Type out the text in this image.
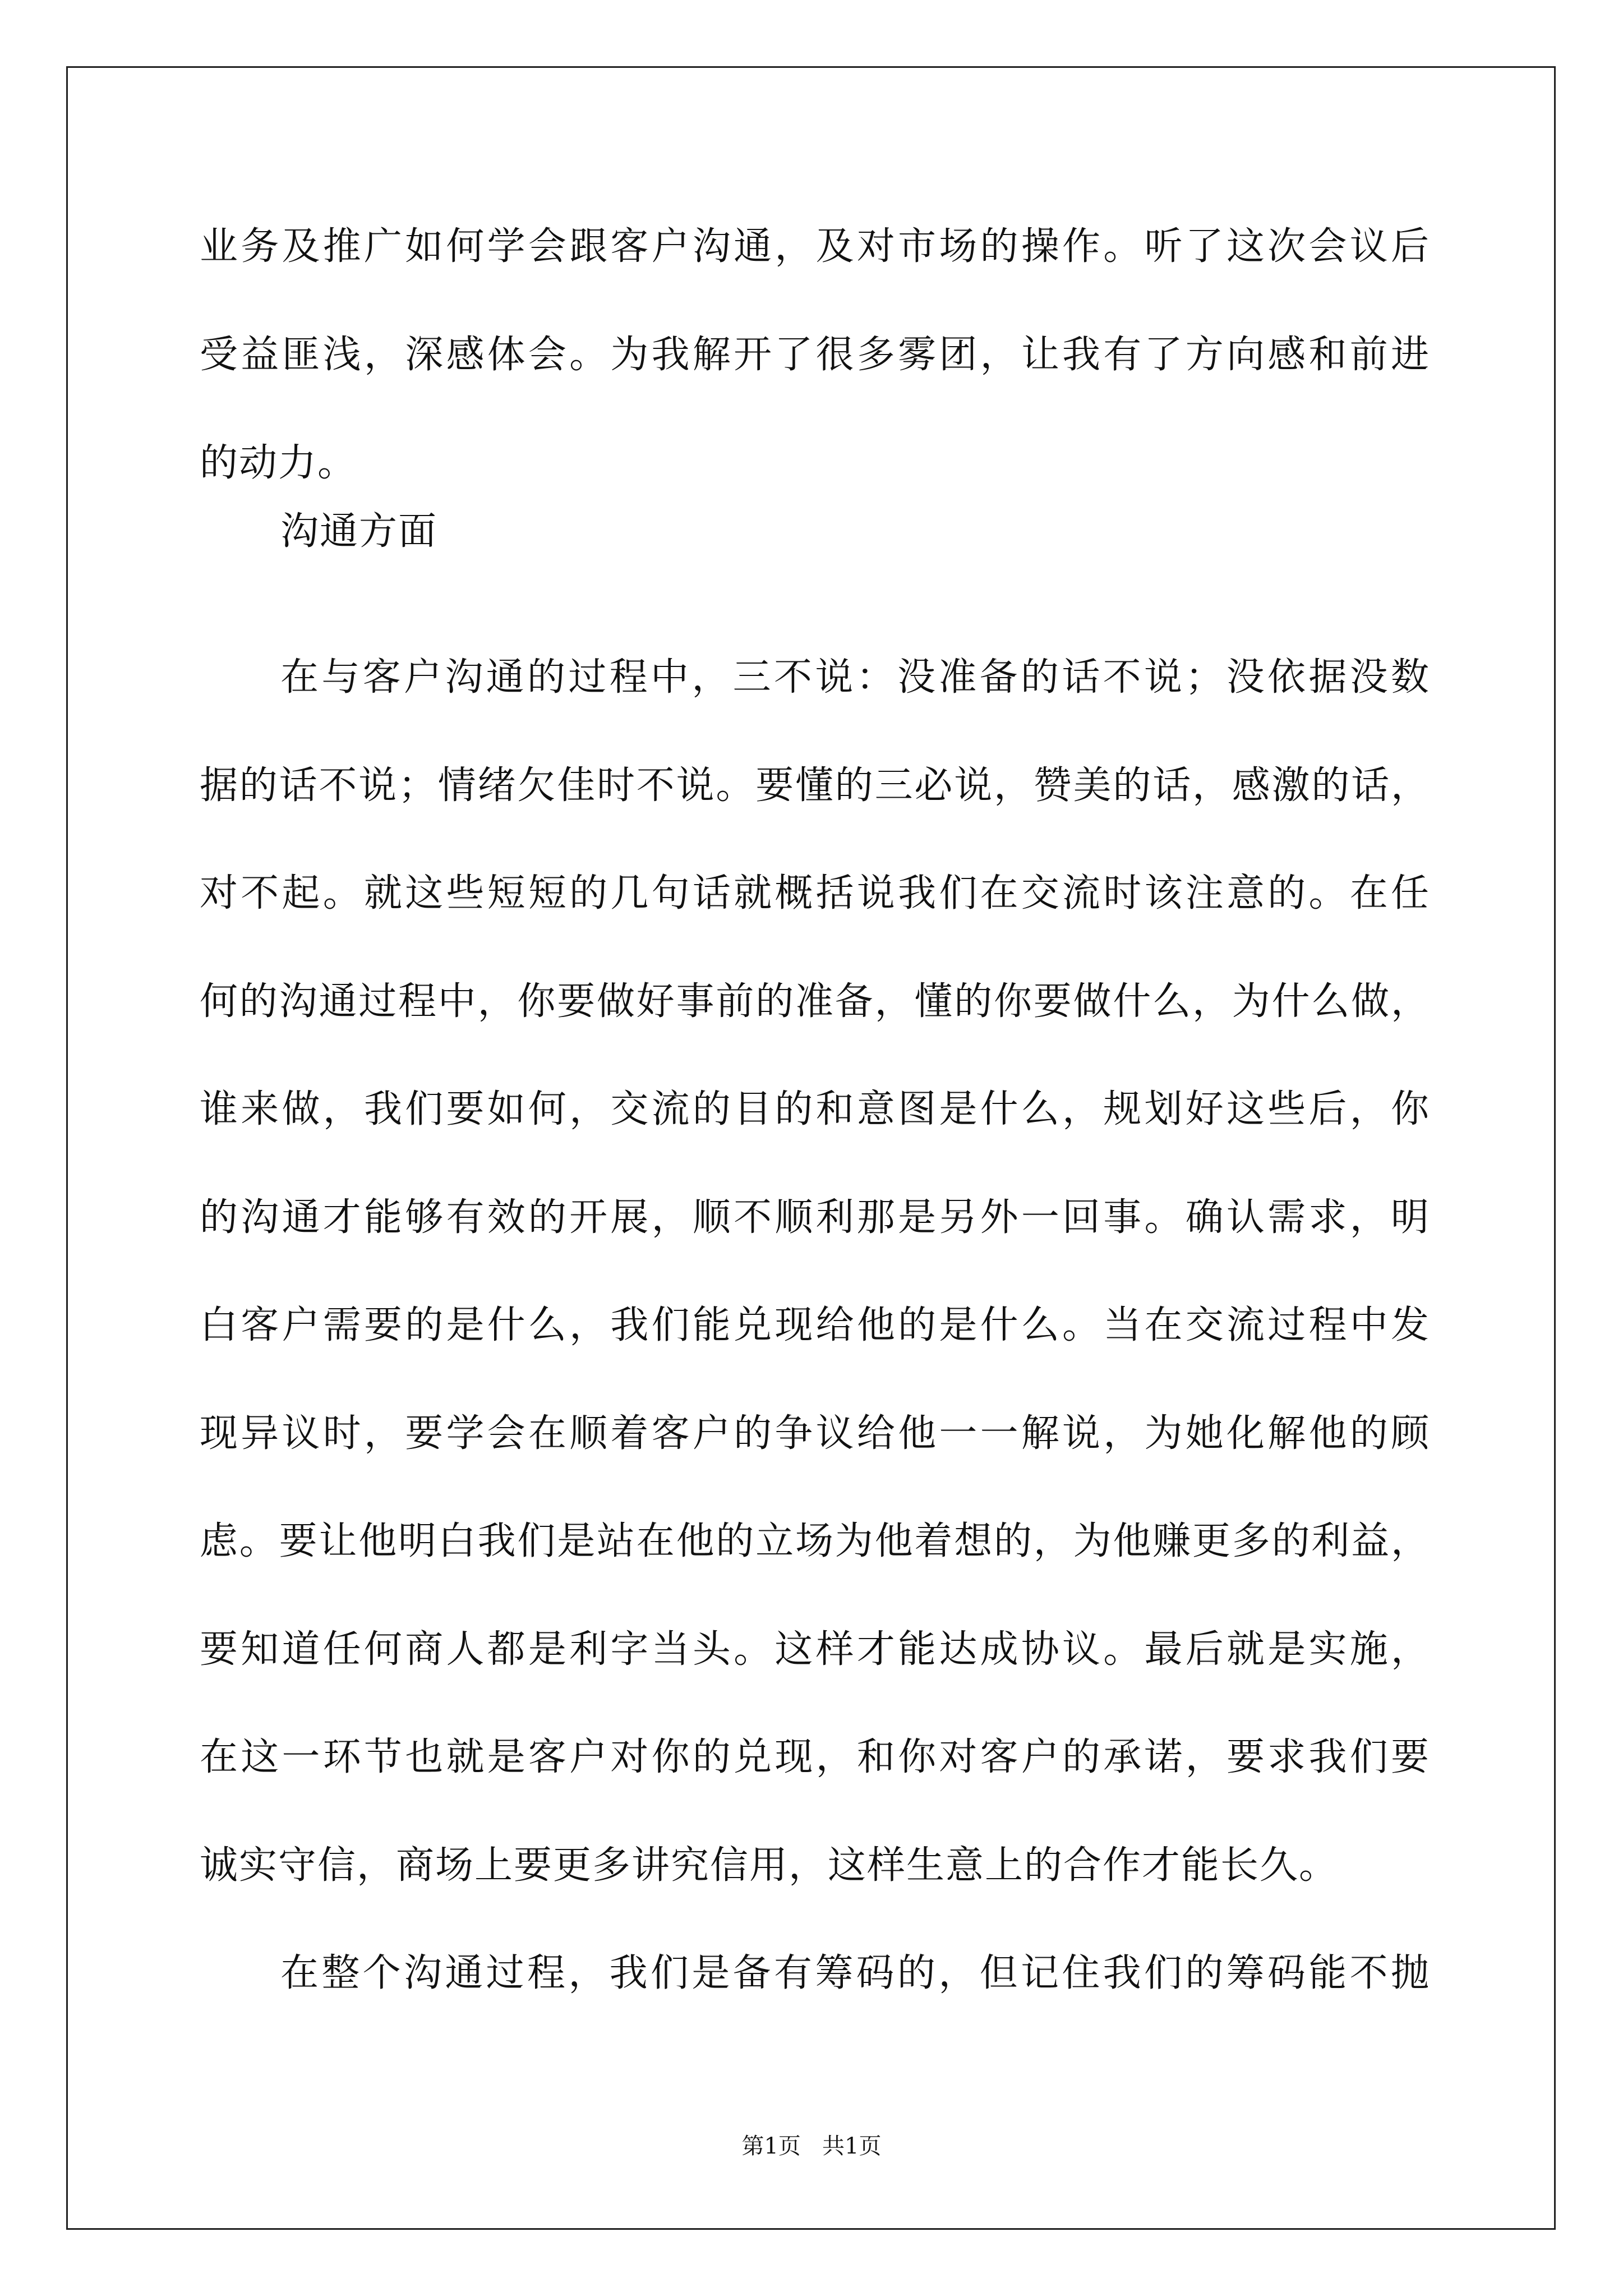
业务及推广如何学会跟客户沟通，及对市场的操作。听了这次会议后
受益匪浅，深感体会。为我解开了很多雾团，让我有了方向感和前进
的动力。
沟通方面
在与客户沟通的过程中，三不说：没准备的话不说；没依据没数
据的话不说；情绪欠佳时不说。要懂的三必说，赞美的话，感激的话，
对不起。就这些短短的几句话就概括说我们在交流时该注意的。在任
何的沟通过程中，你要做好事前的准备，懂的你要做什么，为什么做，
谁来做，我们要如何，交流的目的和意图是什么，规划好这些后，你
的沟通才能够有效的开展，顺不顺利那是另外一回事。确认需求，明
白客户需要的是什么，我们能兑现给他的是什么。当在交流过程中发
现异议时，要学会在顺着客户的争议给他一一解说，为她化解他的顾
虑。要让他明白我们是站在他的立场为他着想的，为他赚更多的利益，
要知道任何商人都是利字当头。这样才能达成协议。最后就是实施，
在这一环节也就是客户对你的兑现，和你对客户的承诺，要求我们要
诚实守信，商场上要更多讲究信用，这样生意上的合作才能长久。
在整个沟通过程，我们是备有筹码的，但记住我们的筹码能不抛
第1页   共1页
